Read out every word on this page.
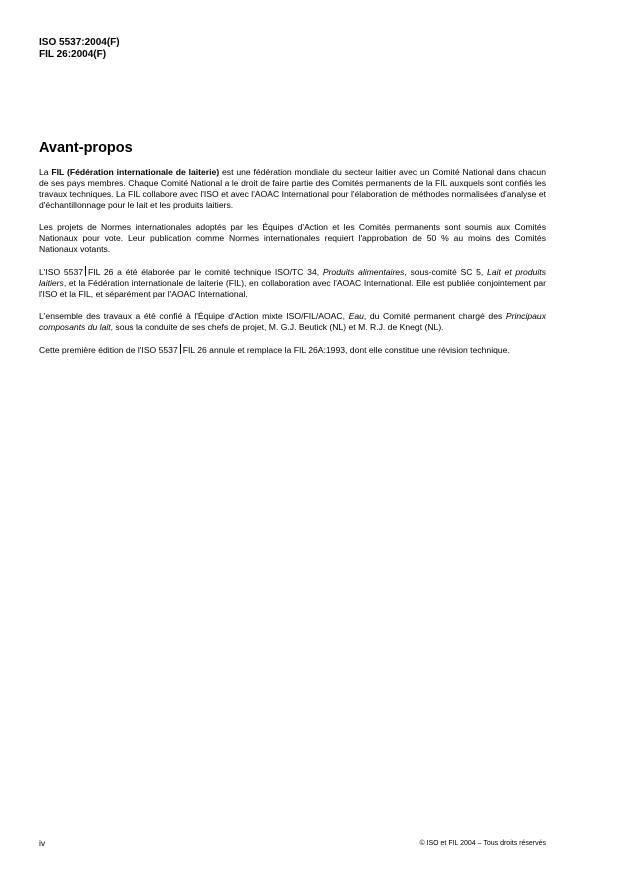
ISO 5537:2004(F)
FIL 26:2004(F)
Avant-propos

La FIL (Fédération internationale de laiterie) est une fédération mondiale du secteur laitier avec un Comité National dans chacun de ses pays membres. Chaque Comité National a le droit de faire partie des Comités permanents de la FIL auxquels sont confiés les travaux techniques. La FIL collabore avec l'ISO et avec l'AOAC International pour l'élaboration de méthodes normalisées d'analyse et d'échantillonnage pour le lait et les produits laitiers.

Les projets de Normes internationales adoptés par les Équipes d'Action et les Comités permanents sont soumis aux Comités Nationaux pour vote. Leur publication comme Normes internationales requiert l'approbation de 50 % au moins des Comités Nationaux votants.

L'ISO 5537 FIL 26 a été élaborée par le comité technique ISO/TC 34, Produits alimentaires, sous-comité SC 5, Lait et produits laitiers, et la Fédération internationale de laiterie (FIL), en collaboration avec l'AOAC International. Elle est publiée conjointement par l'ISO et la FIL, et séparément par l'AOAC International.

L'ensemble des travaux a été confié à l'Équipe d'Action mixte ISO/FIL/AOAC, Eau, du Comité permanent chargé des Principaux composants du lait, sous la conduite de ses chefs de projet, M. G.J. Beutick (NL) et M. R.J. de Knegt (NL).

Cette première édition de l'ISO 5537 FIL 26 annule et remplace la FIL 26A:1993, dont elle constitue une révision technique.

iv	© ISO et FIL 2004 – Tous droits réservés
